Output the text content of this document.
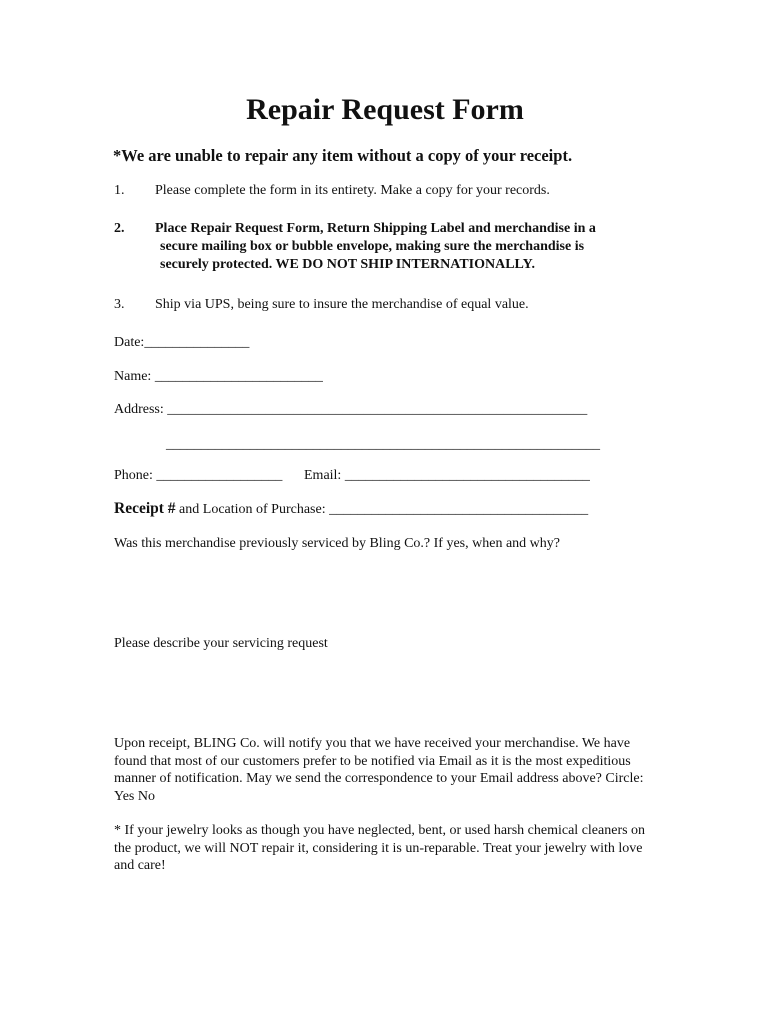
Repair Request Form
*We are unable to repair any item without a copy of your receipt.
1. Please complete the form in its entirety. Make a copy for your records.
2. Place Repair Request Form, Return Shipping Label and merchandise in a
secure mailing box or bubble envelope, making sure the merchandise is
securely protected. WE DO NOT SHIP INTERNATIONALLY.
3. Ship via UPS, being sure to insure the merchandise of equal value.
Date:_______________
Name: ________________________
Address: ____________________________________________________________
______________________________________________________________
Phone: __________________ Email: ___________________________________
Receipt # and Location of Purchase: _____________________________________
Was this merchandise previously serviced by Bling Co.? If yes, when and why?
Please describe your servicing request
Upon receipt, BLING Co. will notify you that we have received your merchandise. We have found that most of our customers prefer to be notified via Email as it is the most expeditious manner of notification. May we send the correspondence to your Email address above? Circle: Yes No
* If your jewelry looks as though you have neglected, bent, or used harsh chemical cleaners on the product, we will NOT repair it, considering it is un-reparable. Treat your jewelry with love and care!
